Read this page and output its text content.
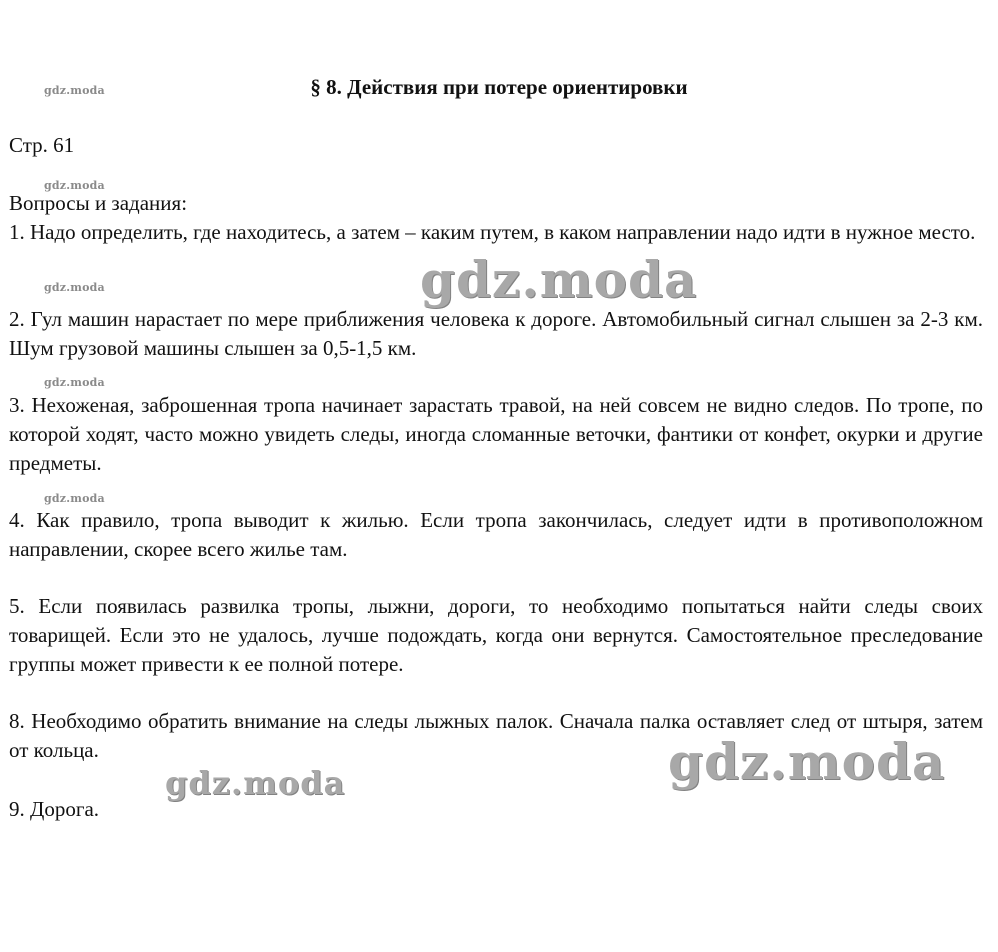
gdz.moda
gdz.moda
gdz.moda
gdz.moda
gdz.moda
§ 8. Действия при потере ориентировки
Стр. 61
Вопросы и задания:
1. Надо определить, где находитесь, а затем – каким путем, в каком направлении надо идти в нужное место.
2. Гул машин нарастает по мере приближения человека к дороге. Автомобильный сигнал слышен за 2-3 км. Шум грузовой машины слышен за 0,5-1,5 км.
3. Нехоженая, заброшенная тропа начинает зарастать травой, на ней совсем не видно следов. По тропе, по которой ходят, часто можно увидеть следы, иногда сломанные веточки, фантики от конфет, окурки и другие предметы.
4. Как правило, тропа выводит к жилью. Если тропа закончилась, следует идти в противоположном направлении, скорее всего жилье там.
5. Если появилась развилка тропы, лыжни, дороги, то необходимо попытаться найти следы своих товарищей. Если это не удалось, лучше подождать, когда они вернутся. Самостоятельное преследование группы может привести к ее полной потере.
8. Необходимо обратить внимание на следы лыжных палок. Сначала палка оставляет след от штыря, затем от кольца.
9. Дорога.
gdz.moda
gdz.moda
gdz.moda
